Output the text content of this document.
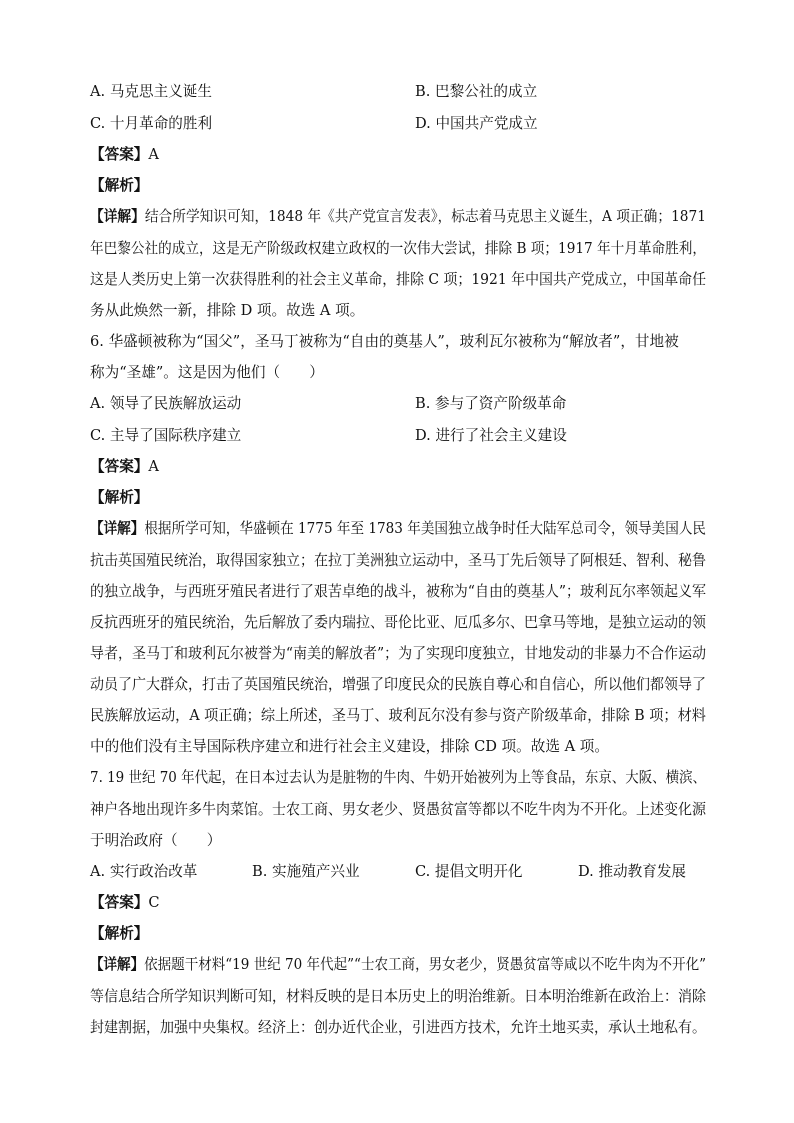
A. 马克思主义诞生	B. 巴黎公社的成立
C. 十月革命的胜利	D. 中国共产党成立
【答案】A
【解析】
【详解】结合所学知识可知，1848 年《共产党宣言发表》，标志着马克思主义诞生，A 项正确；1871
年巴黎公社的成立，这是无产阶级政权建立政权的一次伟大尝试，排除 B 项；1917 年十月革命胜利，
这是人类历史上第一次获得胜利的社会主义革命，排除 C 项；1921 年中国共产党成立，中国革命任
务从此焕然一新，排除 D 项。故选 A 项。
6. 华盛顿被称为“国父”，圣马丁被称为“自由的奠基人”，玻利瓦尔被称为“解放者”，甘地被
称为“圣雄”。这是因为他们（　　）
A. 领导了民族解放运动	B. 参与了资产阶级革命
C. 主导了国际秩序建立	D. 进行了社会主义建设
【答案】A
【解析】
【详解】根据所学可知，华盛顿在 1775 年至 1783 年美国独立战争时任大陆军总司令，领导美国人民
抗击英国殖民统治，取得国家独立；在拉丁美洲独立运动中，圣马丁先后领导了阿根廷、智利、秘鲁
的独立战争，与西班牙殖民者进行了艰苦卓绝的战斗，被称为“自由的奠基人”；玻利瓦尔率领起义军
反抗西班牙的殖民统治，先后解放了委内瑞拉、哥伦比亚、厄瓜多尔、巴拿马等地，是独立运动的领
导者，圣马丁和玻利瓦尔被誉为“南美的解放者”；为了实现印度独立，甘地发动的非暴力不合作运动
动员了广大群众，打击了英国殖民统治，增强了印度民众的民族自尊心和自信心，所以他们都领导了
民族解放运动，A 项正确；综上所述，圣马丁、玻利瓦尔没有参与资产阶级革命，排除 B 项；材料
中的他们没有主导国际秩序建立和进行社会主义建设，排除 CD 项。故选 A 项。
7. 19 世纪 70 年代起，在日本过去认为是脏物的牛肉、牛奶开始被列为上等食品，东京、大阪、横滨、
神户各地出现许多牛肉菜馆。士农工商、男女老少、贤愚贫富等都以不吃牛肉为不开化。上述变化源
于明治政府（　　）
A. 实行政治改革	B. 实施殖产兴业	C. 提倡文明开化	D. 推动教育发展
【答案】C
【解析】
【详解】依据题干材料“19 世纪 70 年代起”“士农工商，男女老少，贤愚贫富等咸以不吃牛肉为不开化”
等信息结合所学知识判断可知，材料反映的是日本历史上的明治维新。日本明治维新在政治上：消除
封建割据，加强中央集权。经济上：创办近代企业，引进西方技术，允许土地买卖，承认土地私有。
